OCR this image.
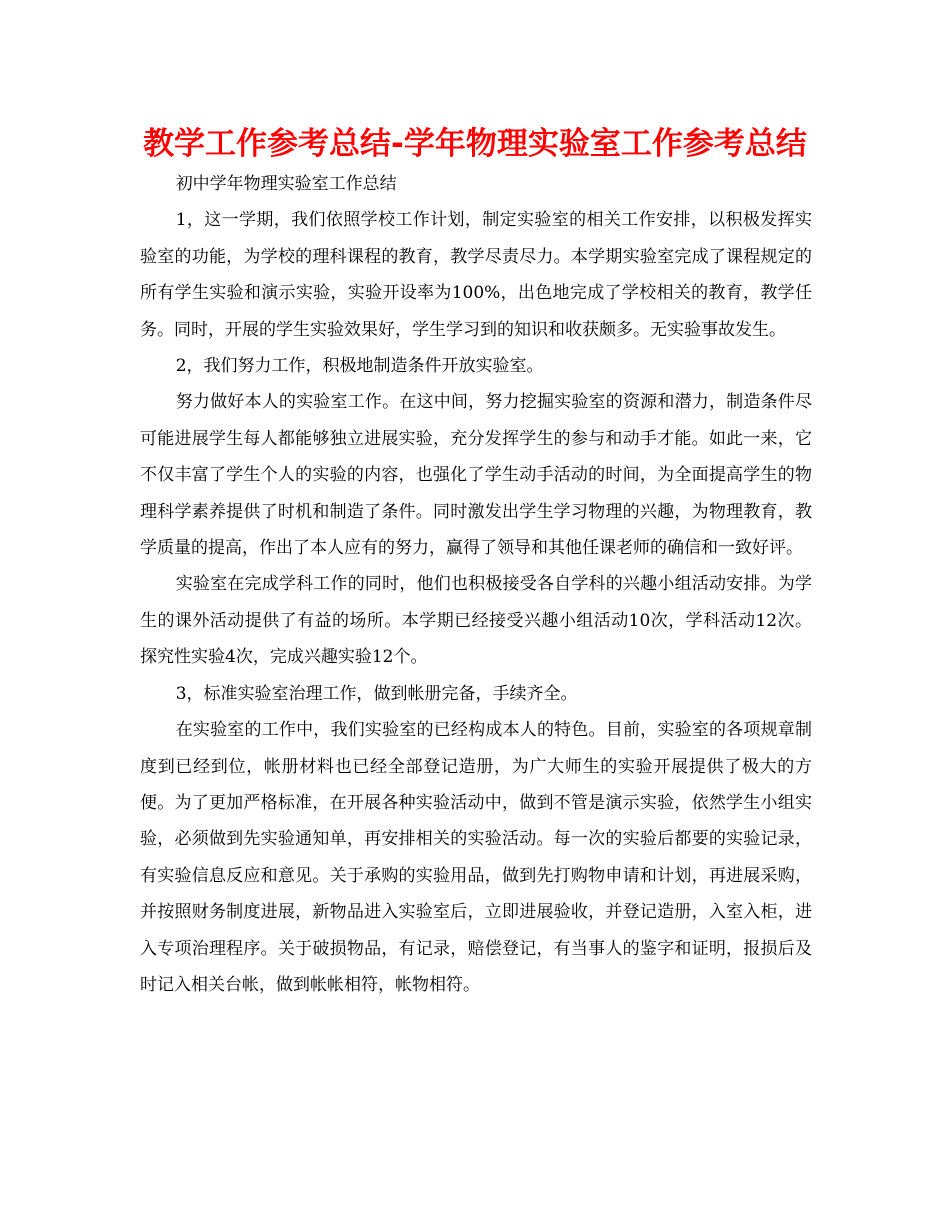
教学工作参考总结-学年物理实验室工作参考总结

初中学年物理实验室工作总结

1，这一学期，我们依照学校工作计划，制定实验室的相关工作安排，以积极发挥实验室的功能，为学校的理科课程的教育，教学尽责尽力。本学期实验室完成了课程规定的所有学生实验和演示实验，实验开设率为100%，出色地完成了学校相关的教育，教学任务。同时，开展的学生实验效果好，学生学习到的知识和收获颇多。无实验事故发生。

2，我们努力工作，积极地制造条件开放实验室。

努力做好本人的实验室工作。在这中间，努力挖掘实验室的资源和潜力，制造条件尽可能进展学生每人都能够独立进展实验，充分发挥学生的参与和动手才能。如此一来，它不仅丰富了学生个人的实验的内容，也强化了学生动手活动的时间，为全面提高学生的物理科学素养提供了时机和制造了条件。同时激发出学生学习物理的兴趣，为物理教育，教学质量的提高，作出了本人应有的努力，赢得了领导和其他任课老师的确信和一致好评。

实验室在完成学科工作的同时，他们也积极接受各自学科的兴趣小组活动安排。为学生的课外活动提供了有益的场所。本学期已经接受兴趣小组活动10次，学科活动12次。探究性实验4次，完成兴趣实验12个。

3，标准实验室治理工作，做到帐册完备，手续齐全。

在实验室的工作中，我们实验室的已经构成本人的特色。目前，实验室的各项规章制度到已经到位，帐册材料也已经全部登记造册，为广大师生的实验开展提供了极大的方便。为了更加严格标准，在开展各种实验活动中，做到不管是演示实验，依然学生小组实验，必须做到先实验通知单，再安排相关的实验活动。每一次的实验后都要的实验记录，有实验信息反应和意见。关于承购的实验用品，做到先打购物申请和计划，再进展采购，并按照财务制度进展，新物品进入实验室后，立即进展验收，并登记造册，入室入柜，进入专项治理程序。关于破损物品，有记录，赔偿登记，有当事人的鉴字和证明，报损后及时记入相关台帐，做到帐帐相符，帐物相符。
